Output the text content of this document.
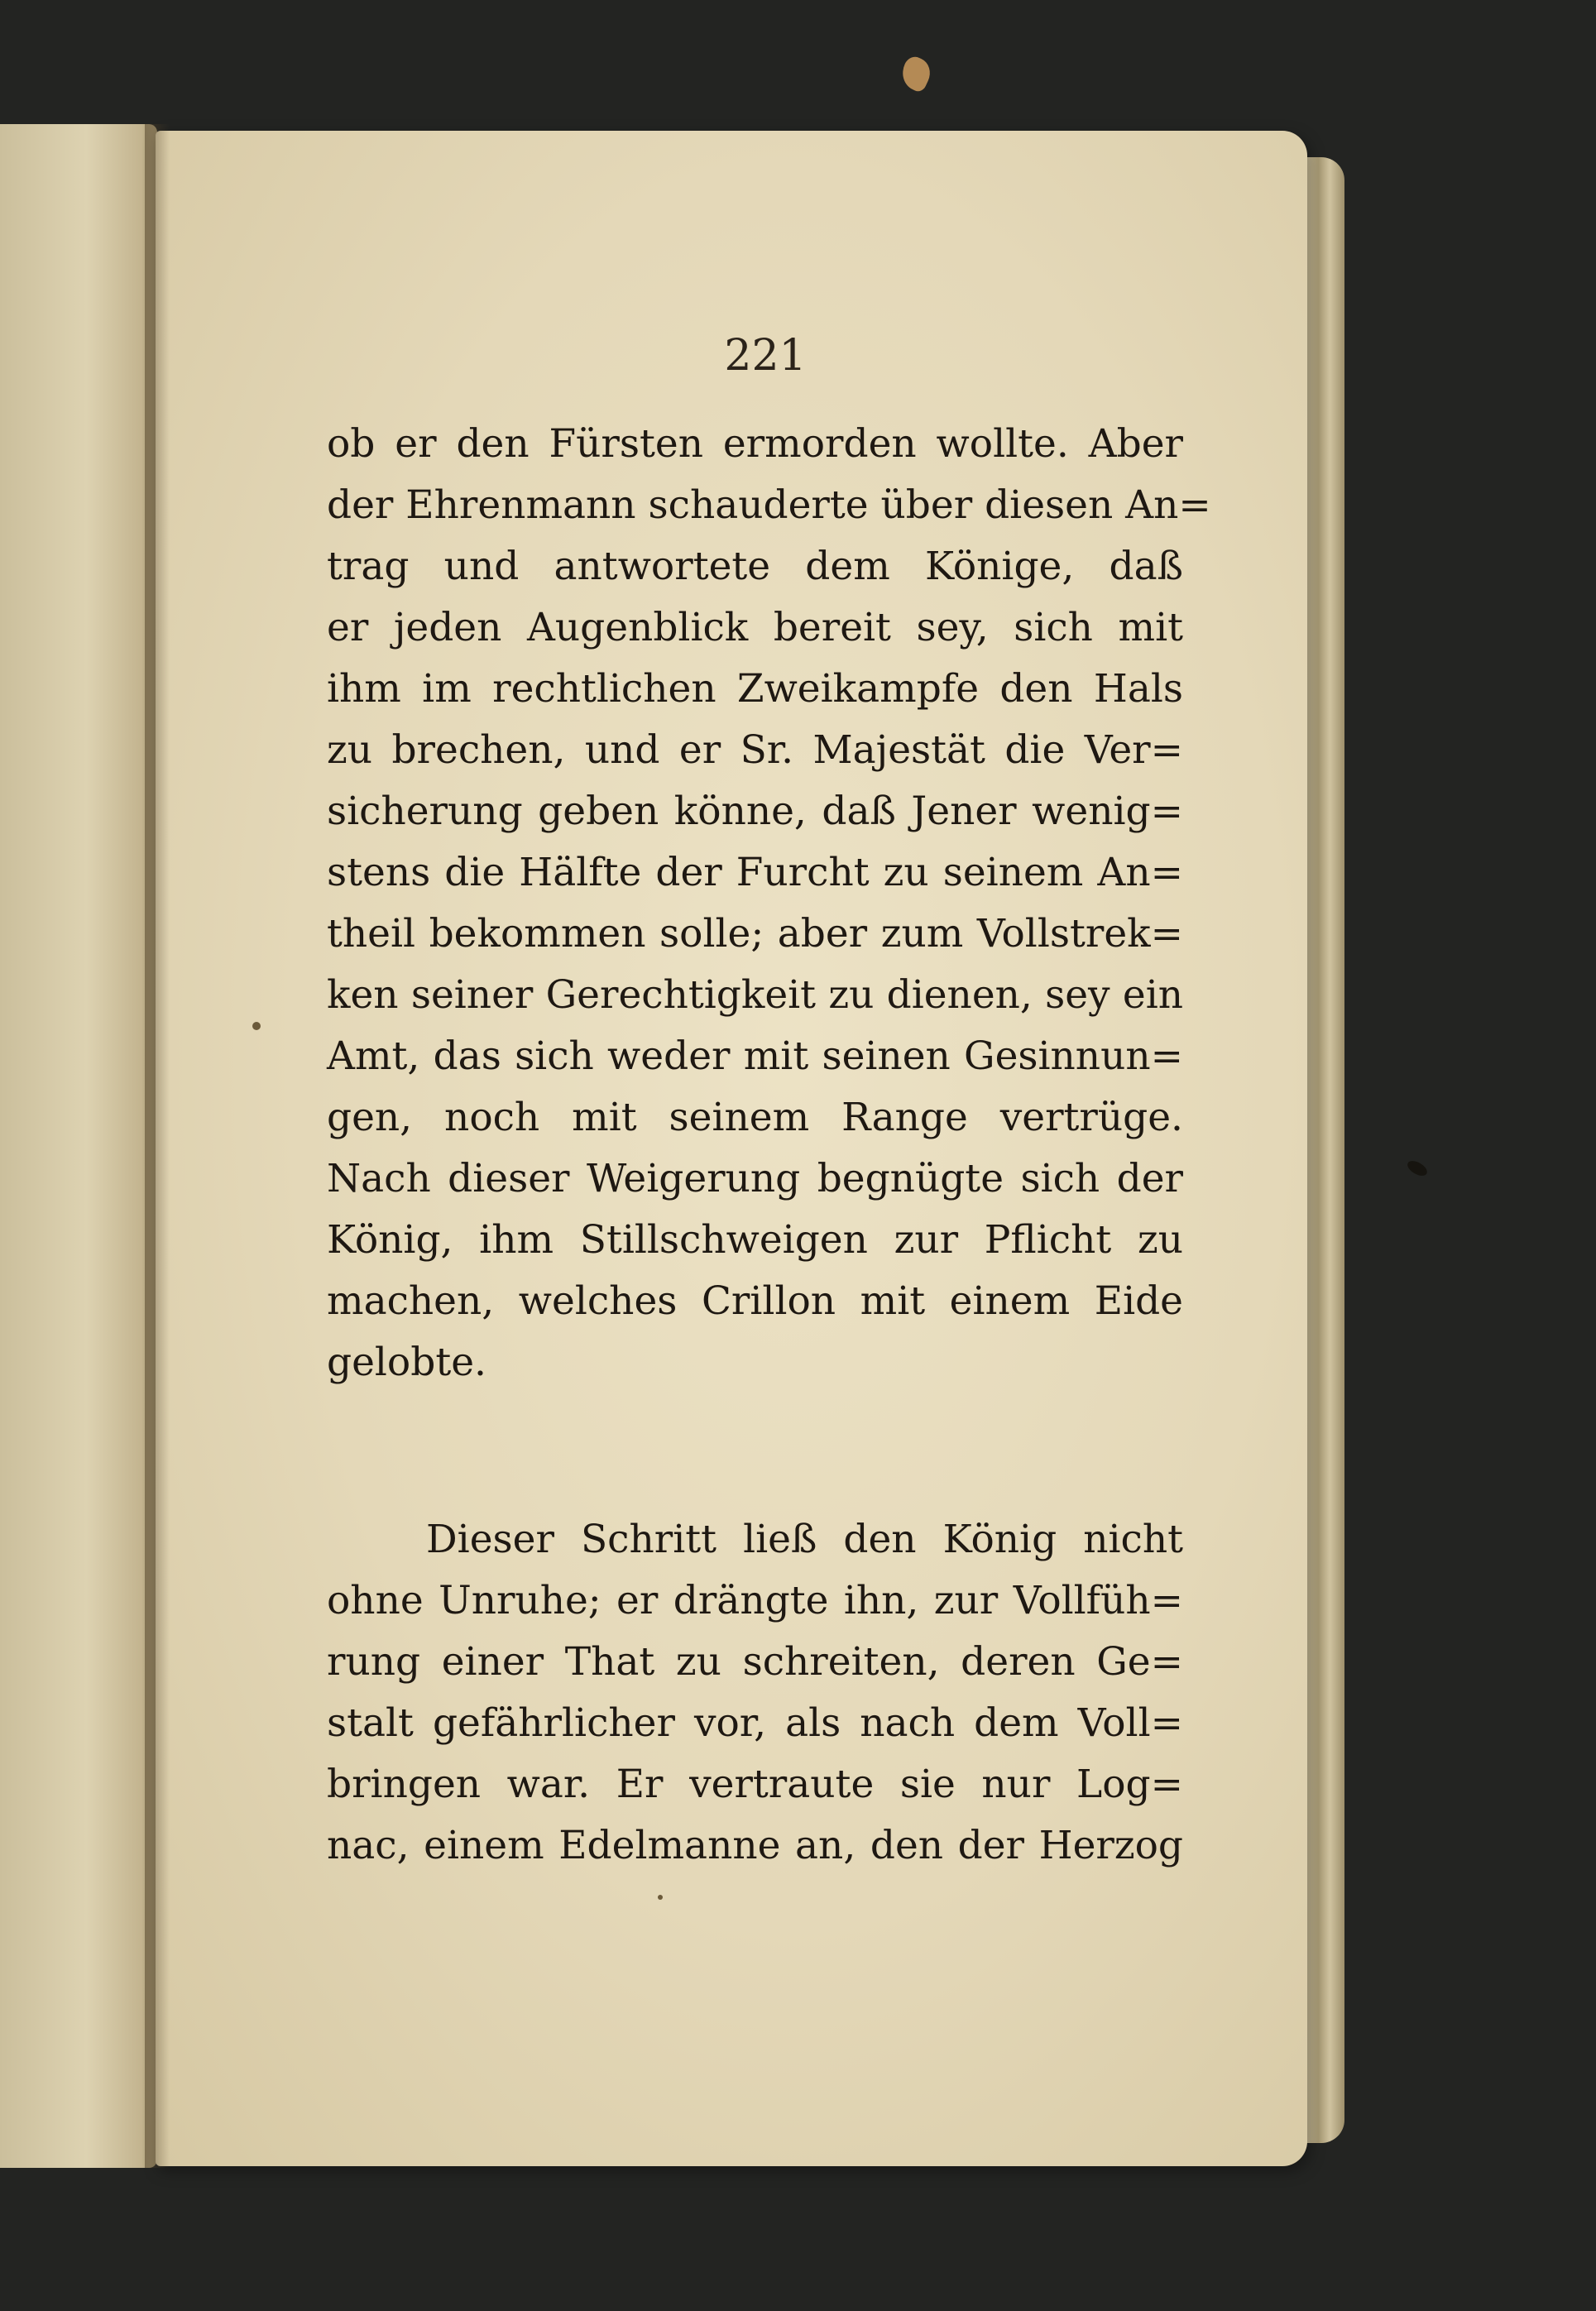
221
ob er den Fürsten ermorden wollte. Aber
der Ehrenmann schauderte über diesen An=
trag und antwortete dem Könige, daß
er jeden Augenblick bereit sey, sich mit
ihm im rechtlichen Zweikampfe den Hals
zu brechen, und er Sr. Majestät die Ver=
sicherung geben könne, daß Jener wenig=
stens die Hälfte der Furcht zu seinem An=
theil bekommen solle; aber zum Vollstrek=
ken seiner Gerechtigkeit zu dienen, sey ein
Amt, das sich weder mit seinen Gesinnun=
gen, noch mit seinem Range vertrüge.
Nach dieser Weigerung begnügte sich der
König, ihm Stillschweigen zur Pflicht zu
machen, welches Crillon mit einem Eide
gelobte.
Dieser Schritt ließ den König nicht
ohne Unruhe; er drängte ihn, zur Vollfüh=
rung einer That zu schreiten, deren Ge=
stalt gefährlicher vor, als nach dem Voll=
bringen war. Er vertraute sie nur Log=
nac, einem Edelmanne an, den der Herzog
